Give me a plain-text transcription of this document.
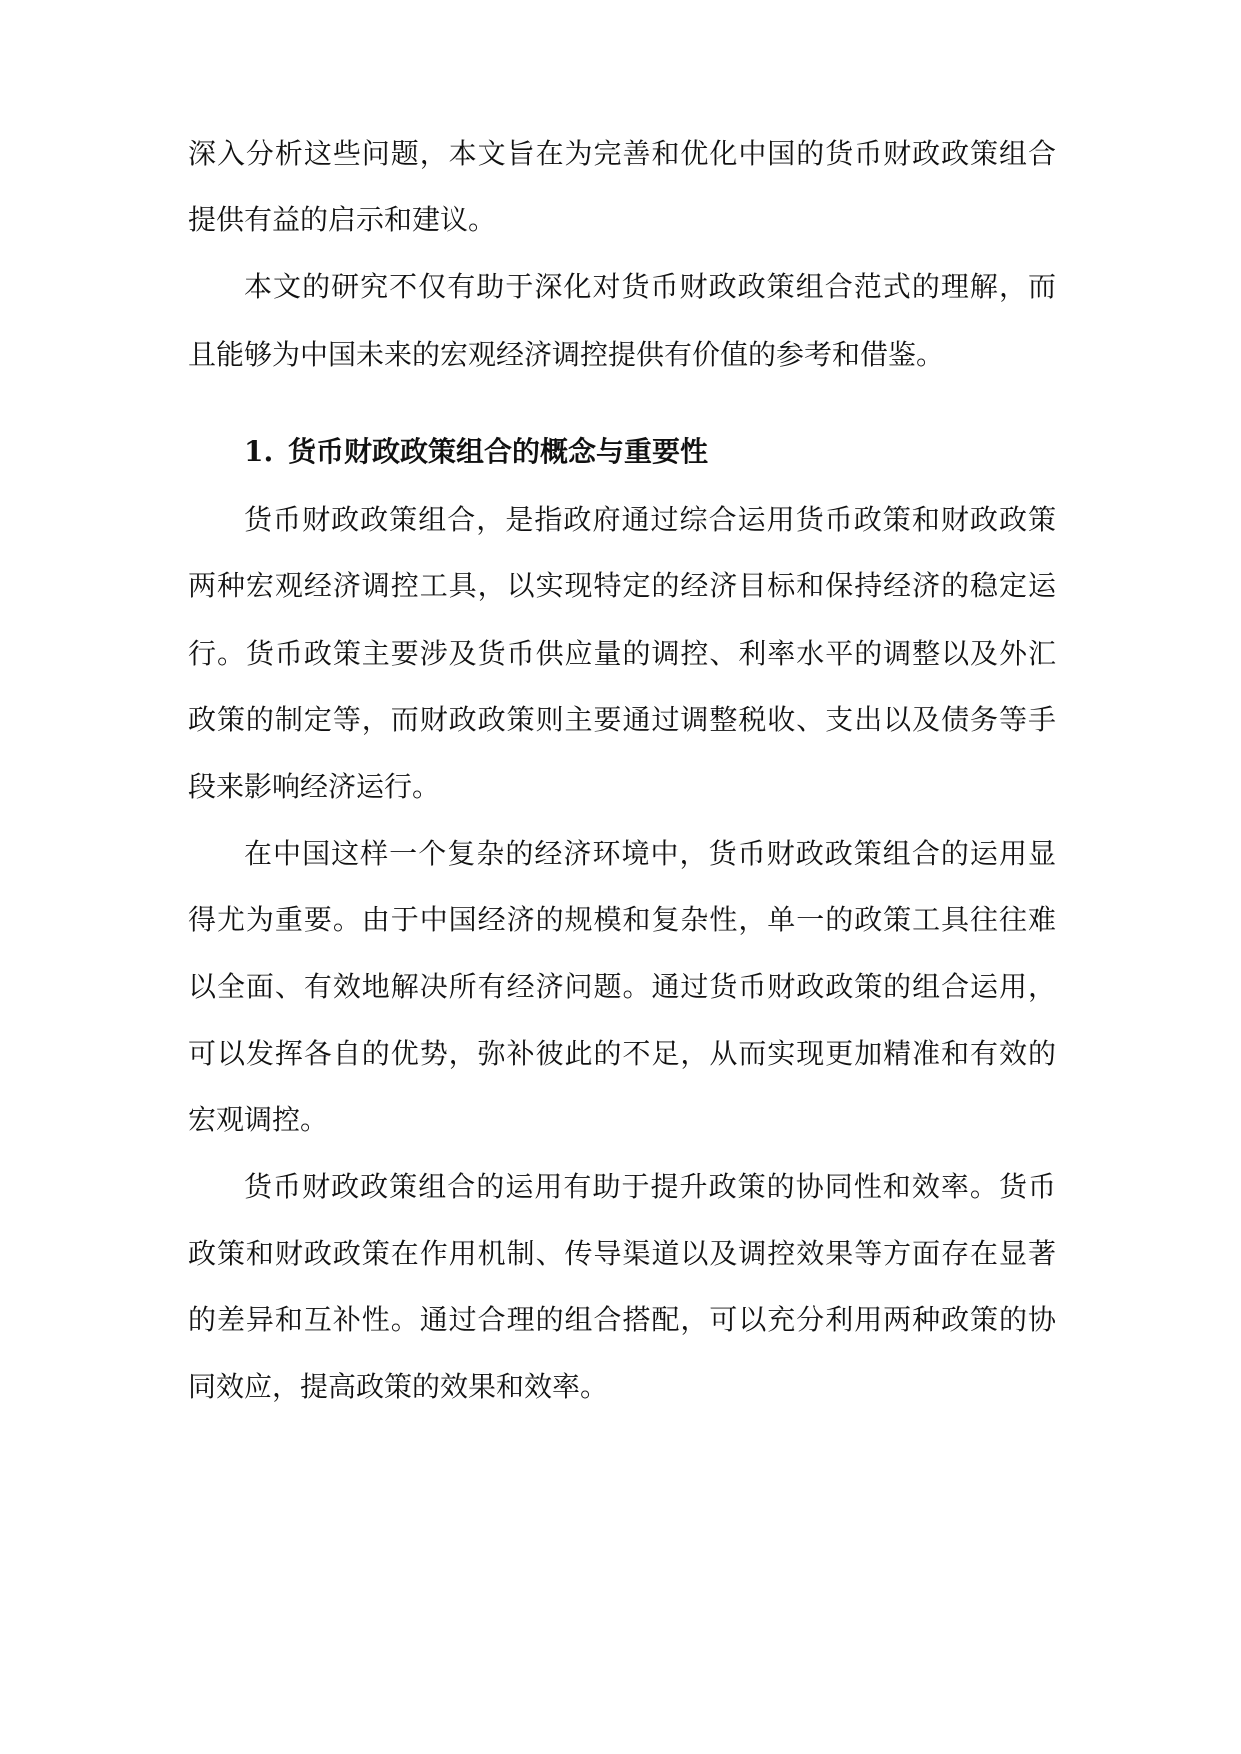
深入分析这些问题，本文旨在为完善和优化中国的货币财政政策组合

提供有益的启示和建议。

本文的研究不仅有助于深化对货币财政政策组合范式的理解，而

且能够为中国未来的宏观经济调控提供有价值的参考和借鉴。

1. 货币财政政策组合的概念与重要性

货币财政政策组合，是指政府通过综合运用货币政策和财政政策

两种宏观经济调控工具，以实现特定的经济目标和保持经济的稳定运

行。货币政策主要涉及货币供应量的调控、利率水平的调整以及外汇

政策的制定等，而财政政策则主要通过调整税收、支出以及债务等手

段来影响经济运行。

在中国这样一个复杂的经济环境中，货币财政政策组合的运用显

得尤为重要。由于中国经济的规模和复杂性，单一的政策工具往往难

以全面、有效地解决所有经济问题。通过货币财政政策的组合运用，

可以发挥各自的优势，弥补彼此的不足，从而实现更加精准和有效的

宏观调控。

货币财政政策组合的运用有助于提升政策的协同性和效率。货币

政策和财政政策在作用机制、传导渠道以及调控效果等方面存在显著

的差异和互补性。通过合理的组合搭配，可以充分利用两种政策的协

同效应，提高政策的效果和效率。
